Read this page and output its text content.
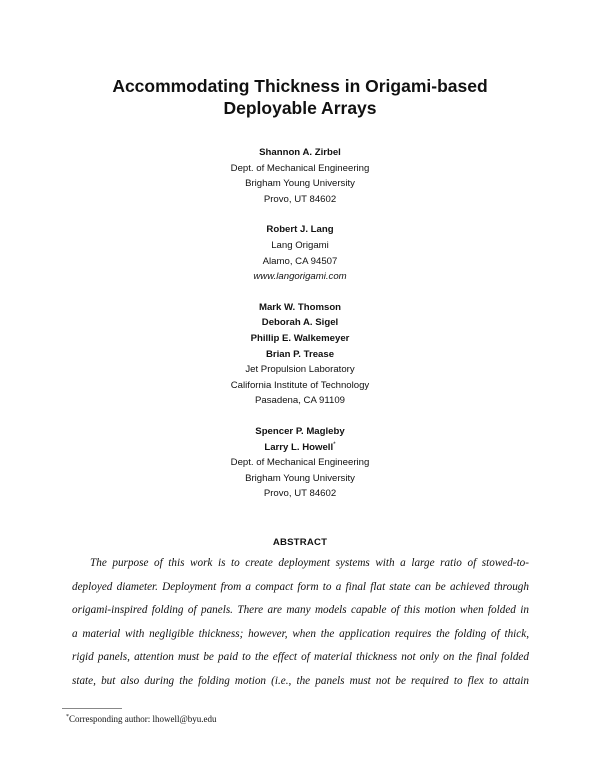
Accommodating Thickness in Origami-based
Deployable Arrays
Shannon A. Zirbel
Dept. of Mechanical Engineering
Brigham Young University
Provo, UT 84602
Robert J. Lang
Lang Origami
Alamo, CA 94507
www.langorigami.com
Mark W. Thomson
Deborah A. Sigel
Phillip E. Walkemeyer
Brian P. Trease
Jet Propulsion Laboratory
California Institute of Technology
Pasadena, CA 91109
Spencer P. Magleby
Larry L. Howell*
Dept. of Mechanical Engineering
Brigham Young University
Provo, UT 84602
ABSTRACT
The purpose of this work is to create deployment systems with a large ratio of stowed-to-
deployed diameter. Deployment from a compact form to a final flat state can be achieved through
origami-inspired folding of panels. There are many models capable of this motion when folded in
a material with negligible thickness; however, when the application requires the folding of thick,
rigid panels, attention must be paid to the effect of material thickness not only on the final folded
state, but also during the folding motion (i.e., the panels must not be required to flex to attain
*Corresponding author: lhowell@byu.edu
